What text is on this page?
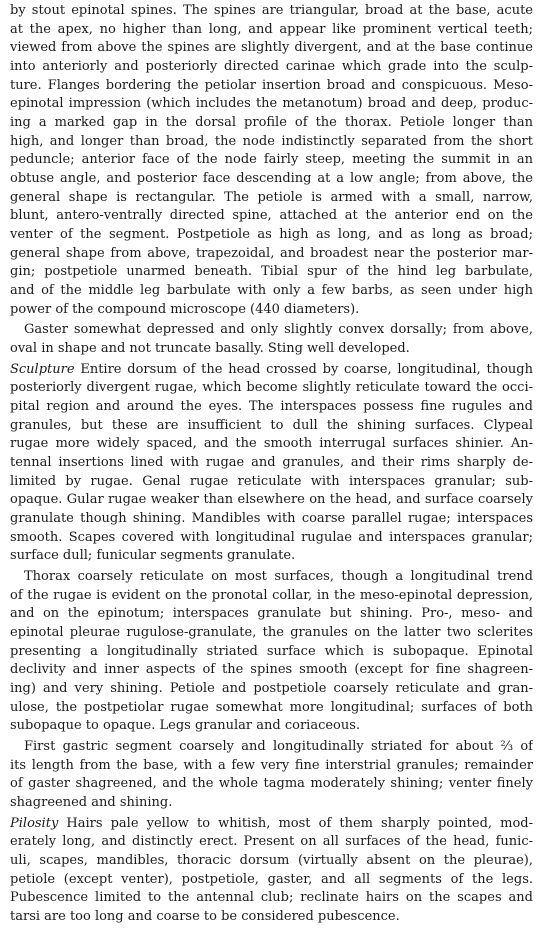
by stout epinotal spines. The spines are triangular, broad at the base, acute
at the apex, no higher than long, and appear like prominent vertical teeth;
viewed from above the spines are slightly divergent, and at the base continue
into anteriorly and posteriorly directed carinae which grade into the sculp-
ture. Flanges bordering the petiolar insertion broad and conspicuous. Meso-
epinotal impression (which includes the metanotum) broad and deep, produc-
ing a marked gap in the dorsal profile of the thorax. Petiole longer than
high, and longer than broad, the node indistinctly separated from the short
peduncle; anterior face of the node fairly steep, meeting the summit in an
obtuse angle, and posterior face descending at a low angle; from above, the
general shape is rectangular. The petiole is armed with a small, narrow,
blunt, antero-ventrally directed spine, attached at the anterior end on the
venter of the segment. Postpetiole as high as long, and as long as broad;
general shape from above, trapezoidal, and broadest near the posterior mar-
gin; postpetiole unarmed beneath. Tibial spur of the hind leg barbulate,
and of the middle leg barbulate with only a few barbs, as seen under high
power of the compound microscope (440 diameters).
Gaster somewhat depressed and only slightly convex dorsally; from above,
oval in shape and not truncate basally. Sting well developed.
Sculpture Entire dorsum of the head crossed by coarse, longitudinal, though
posteriorly divergent rugae, which become slightly reticulate toward the occi-
pital region and around the eyes. The interspaces possess fine rugules and
granules, but these are insufficient to dull the shining surfaces. Clypeal
rugae more widely spaced, and the smooth interrugal surfaces shinier. An-
tennal insertions lined with rugae and granules, and their rims sharply de-
limited by rugae. Genal rugae reticulate with interspaces granular; sub-
opaque. Gular rugae weaker than elsewhere on the head, and surface coarsely
granulate though shining. Mandibles with coarse parallel rugae; interspaces
smooth. Scapes covered with longitudinal rugulae and interspaces granular;
surface dull; funicular segments granulate.
Thorax coarsely reticulate on most surfaces, though a longitudinal trend
of the rugae is evident on the pronotal collar, in the meso-epinotal depression,
and on the epinotum; interspaces granulate but shining. Pro-, meso- and
epinotal pleurae rugulose-granulate, the granules on the latter two sclerites
presenting a longitudinally striated surface which is subopaque. Epinotal
declivity and inner aspects of the spines smooth (except for fine shagreen-
ing) and very shining. Petiole and postpetiole coarsely reticulate and gran-
ulose, the postpetiolar rugae somewhat more longitudinal; surfaces of both
subopaque to opaque. Legs granular and coriaceous.
First gastric segment coarsely and longitudinally striated for about ⅔ of
its length from the base, with a few very fine interstrial granules; remainder
of gaster shagreened, and the whole tagma moderately shining; venter finely
shagreened and shining.
Pilosity Hairs pale yellow to whitish, most of them sharply pointed, mod-
erately long, and distinctly erect. Present on all surfaces of the head, funic-
uli, scapes, mandibles, thoracic dorsum (virtually absent on the pleurae),
petiole (except venter), postpetiole, gaster, and all segments of the legs.
Pubescence limited to the antennal club; reclinate hairs on the scapes and
tarsi are too long and coarse to be considered pubescence.
